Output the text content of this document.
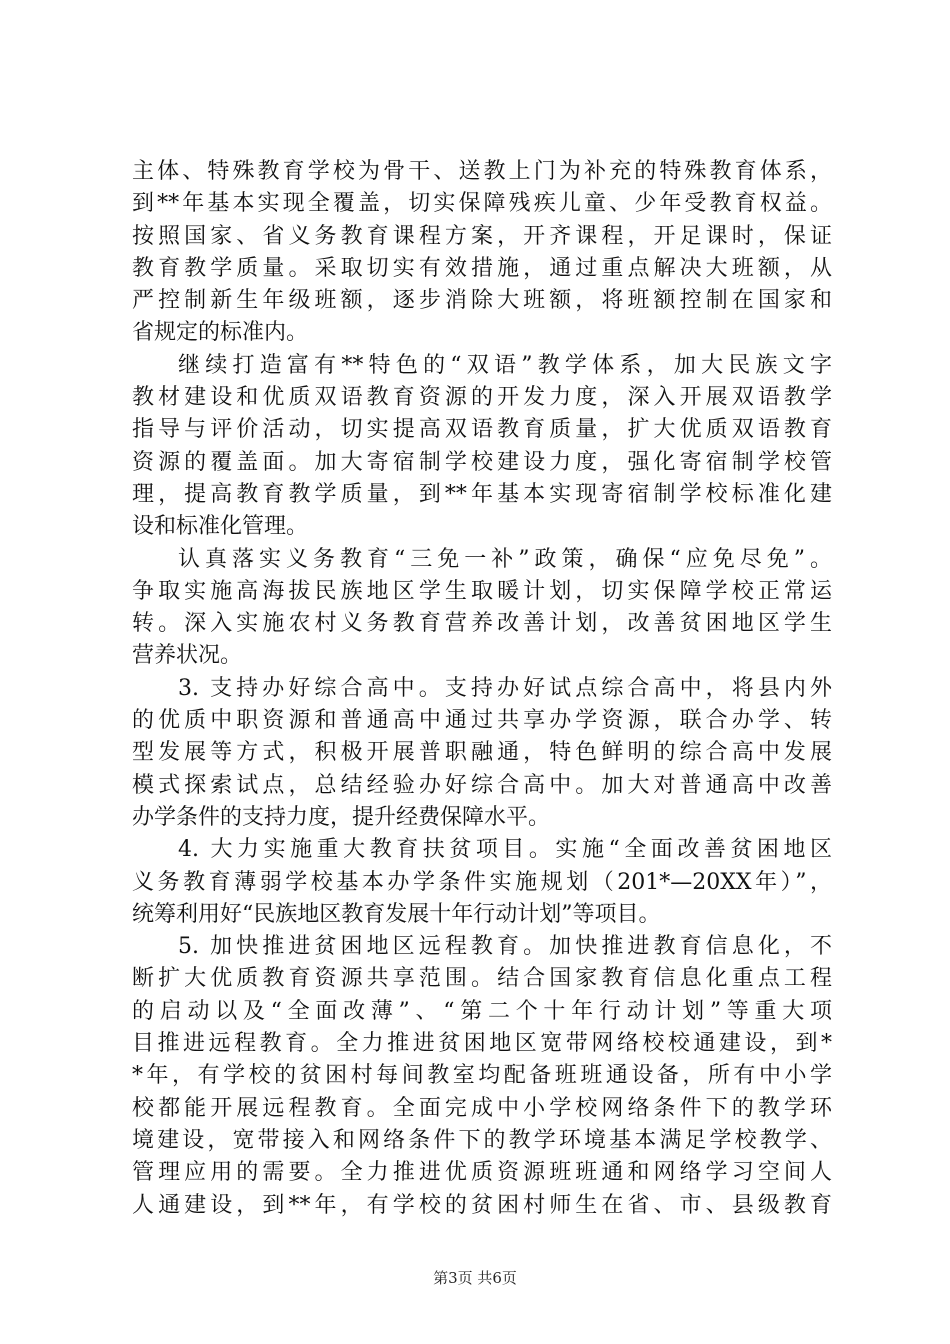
主体、特殊教育学校为骨干、送教上门为补充的特殊教育体系，
到**年基本实现全覆盖，切实保障残疾儿童、少年受教育权益。
按照国家、省义务教育课程方案，开齐课程，开足课时，保证
教育教学质量。采取切实有效措施，通过重点解决大班额，从
严控制新生年级班额，逐步消除大班额，将班额控制在国家和
省规定的标准内。
继续打造富有**特色的“双语”教学体系，加大民族文字
教材建设和优质双语教育资源的开发力度，深入开展双语教学
指导与评价活动，切实提高双语教育质量，扩大优质双语教育
资源的覆盖面。加大寄宿制学校建设力度，强化寄宿制学校管
理，提高教育教学质量，到**年基本实现寄宿制学校标准化建
设和标准化管理。
认真落实义务教育“三免一补”政策，确保“应免尽免”。
争取实施高海拔民族地区学生取暖计划，切实保障学校正常运
转。深入实施农村义务教育营养改善计划，改善贫困地区学生
营养状况。
3. 支持办好综合高中。支持办好试点综合高中，将县内外
的优质中职资源和普通高中通过共享办学资源，联合办学、转
型发展等方式，积极开展普职融通，特色鲜明的综合高中发展
模式探索试点，总结经验办好综合高中。加大对普通高中改善
办学条件的支持力度，提升经费保障水平。
4. 大力实施重大教育扶贫项目。实施“全面改善贫困地区
义务教育薄弱学校基本办学条件实施规划（201*—20XX年）”，
统筹利用好“民族地区教育发展十年行动计划”等项目。
5. 加快推进贫困地区远程教育。加快推进教育信息化，不
断扩大优质教育资源共享范围。结合国家教育信息化重点工程
的启动以及“全面改薄”、“第二个十年行动计划”等重大项
目推进远程教育。全力推进贫困地区宽带网络校校通建设，到*
*年，有学校的贫困村每间教室均配备班班通设备，所有中小学
校都能开展远程教育。全面完成中小学校网络条件下的教学环
境建设，宽带接入和网络条件下的教学环境基本满足学校教学、
管理应用的需要。全力推进优质资源班班通和网络学习空间人
人通建设，到**年，有学校的贫困村师生在省、市、县级教育
第3页 共6页
